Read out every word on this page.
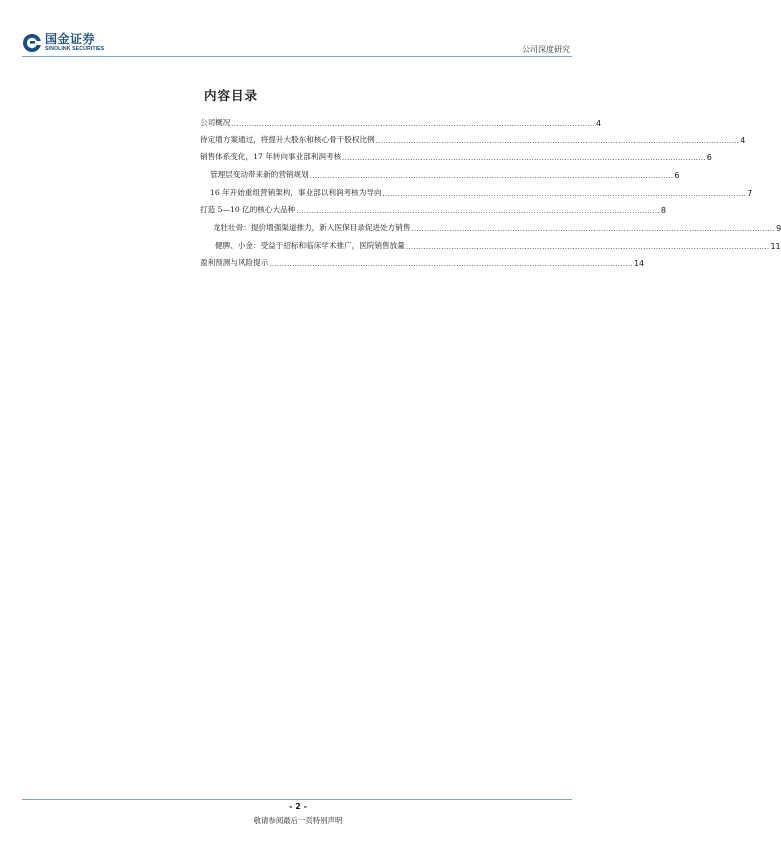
国金证券
SINOLINK SECURITIES	公司深度研究
内容目录
公司概况 ................................................................................................................................................ 4
待定增方案通过，将提升大股东和核心骨干股权比例 ................................................................................................................................................ 4
销售体系变化，17 年转向事业部利润考核 ................................................................................................................................................ 6
管理层变动带来新的营销规划 ................................................................................................................................................ 6
16 年开始重组营销架构，事业部以利润考核为导向 ................................................................................................................................................ 7
打造 5—10 亿的核心大品种 ................................................................................................................................................ 8
龙牡壮骨：提价增强渠道推力，新入医保目录促进处方销售 ................................................................................................................................................ 9
健脾、小金：受益于招标和临床学术推广，医院销售放量 ................................................................................................................................................ 11
盈利预测与风险提示 ................................................................................................................................................ 14
- 2 -
敬请参阅最后一页特别声明
